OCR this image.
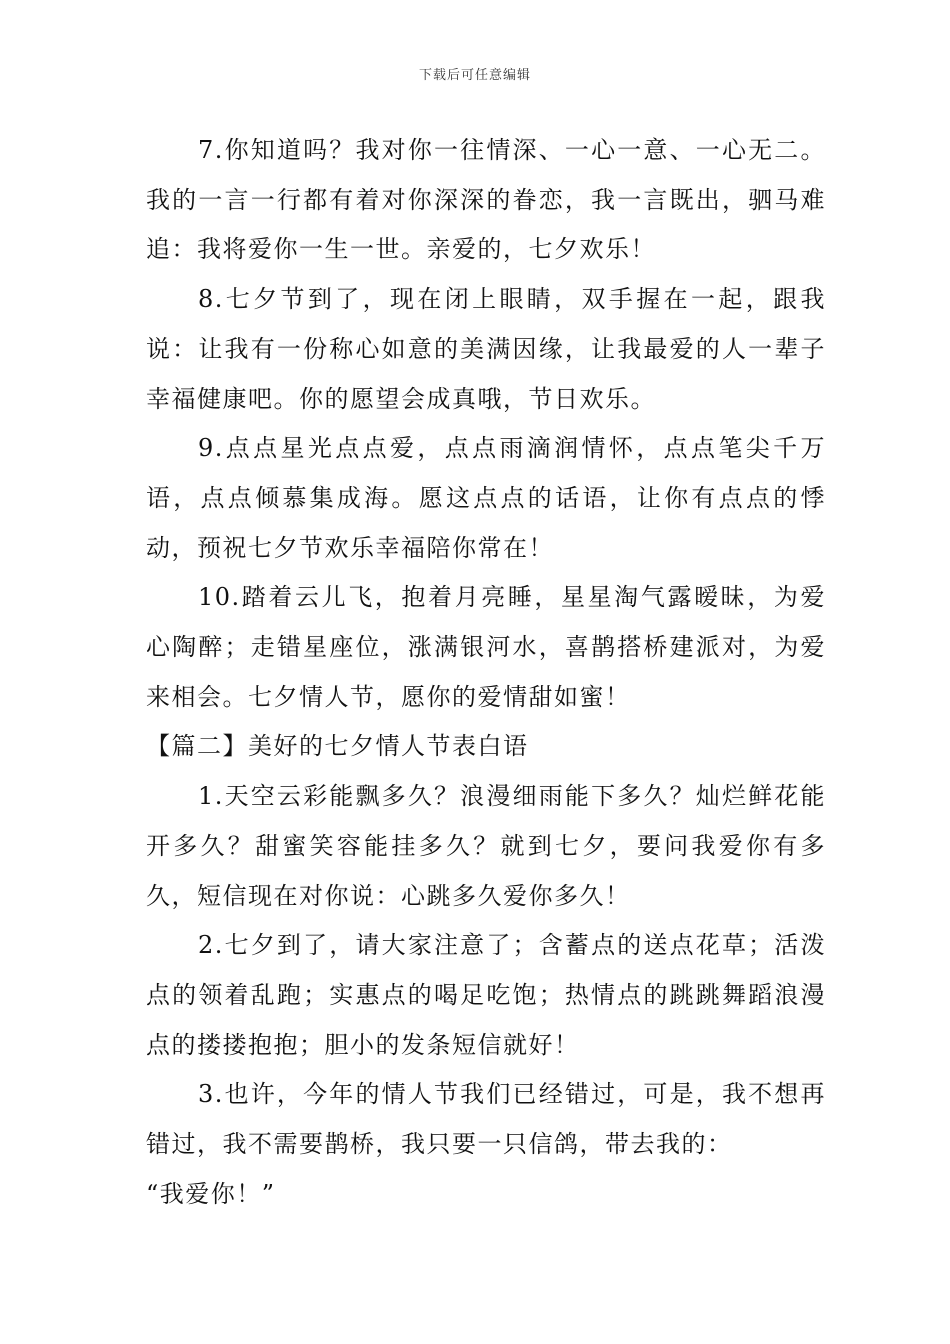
下载后可任意编辑

7.你知道吗？我对你一往情深、一心一意、一心无二。我的一言一行都有着对你深深的眷恋，我一言既出，驷马难追：我将爱你一生一世。亲爱的，七夕欢乐！

8.七夕节到了，现在闭上眼睛，双手握在一起，跟我说：让我有一份称心如意的美满因缘，让我最爱的人一辈子幸福健康吧。你的愿望会成真哦，节日欢乐。

9.点点星光点点爱，点点雨滴润情怀，点点笔尖千万语，点点倾慕集成海。愿这点点的话语，让你有点点的悸动，预祝七夕节欢乐幸福陪你常在！

10.踏着云儿飞，抱着月亮睡，星星淘气露暧昧，为爱心陶醉；走错星座位，涨满银河水，喜鹊搭桥建派对，为爱来相会。七夕情人节，愿你的爱情甜如蜜！

【篇二】美好的七夕情人节表白语

1.天空云彩能飘多久？浪漫细雨能下多久？灿烂鲜花能开多久？甜蜜笑容能挂多久？就到七夕，要问我爱你有多久，短信现在对你说：心跳多久爱你多久！

2.七夕到了，请大家注意了；含蓄点的送点花草；活泼点的领着乱跑；实惠点的喝足吃饱；热情点的跳跳舞蹈浪漫点的搂搂抱抱；胆小的发条短信就好！

3.也许，今年的情人节我们已经错过，可是，我不想再错过，我不需要鹊桥，我只要一只信鸽，带去我的：

“我爱你！”
